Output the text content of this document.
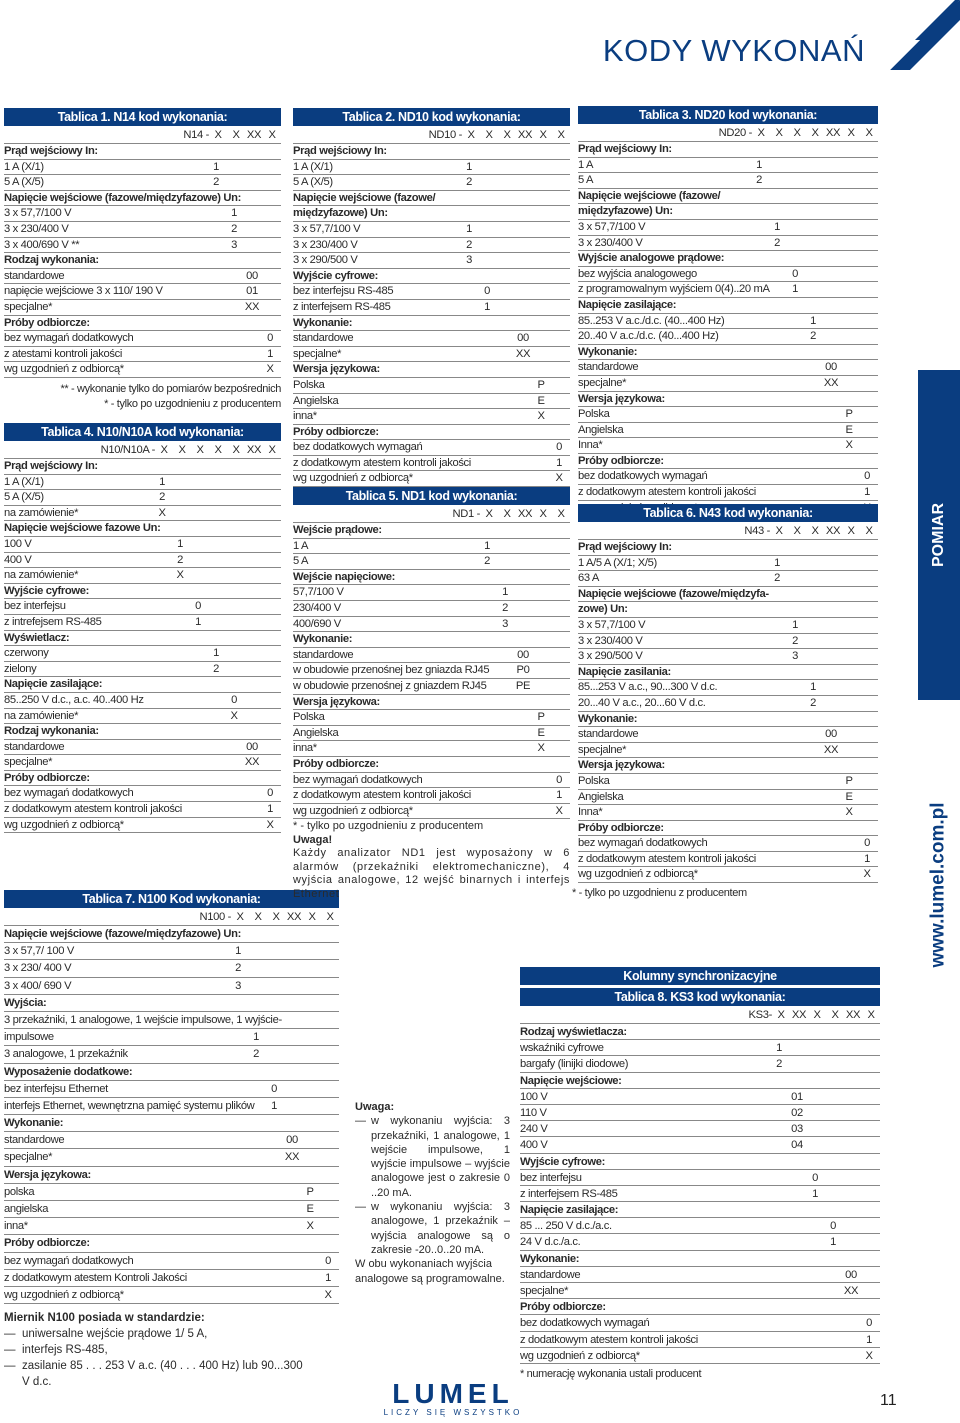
KODY WYKONAŃ
POMIAR
www.lumel.com.pl
Tablica 1. N14 kod wykonania:
N14 - X X XX X
Prąd wejściowy In:
1 A (X/1)	1
5 A (X/5)	2
Napięcie wejściowe (fazowe/międzyfazowe) Un:
3 x 57,7/100 V	1
3 x 230/400 V	2
3 x 400/690 V **	3
Rodzaj wykonania:
standardowe	00
napięcie wejściowe 3 x 110/ 190 V	01
specjalne*	XX
Próby odbiorcze:
bez wymagań dodatkowych	0
z atestami kontroli jakości	1
wg uzgodnień z odbiorcą*	X
** - wykonanie tylko do pomiarów bezpośrednich
* - tylko po uzgodnieniu z producentem
Tablica 4. N10/N10A kod wykonania:
N10/N10A - X X X X X XX X
Prąd wejściowy In:
1 A (X/1)	1
5 A (X/5)	2
na zamówienie*	X
Napięcie wejściowe fazowe Un:
100 V	1
400 V	2
na zamówienie*	X
Wyjście cyfrowe:
bez interfejsu	0
z intrefejsem RS-485	1
Wyświetlacz:
czerwony	1
zielony	2
Napięcie zasilające:
85..250 V d.c., a.c. 40..400 Hz	0
na zamówienie*	X
Rodzaj wykonania:
standardowe	00
specjalne*	XX
Próby odbiorcze:
bez wymagań dodatkowych	0
z dodatkowym atestem kontroli jakości	1
wg uzgodnień z odbiorcą*	X
Tablica 2. ND10 kod wykonania:
ND10 - X X X XX X X
Prąd wejściowy In:
1 A (X/1)	1
5 A (X/5)	2
Napięcie wejściowe (fazowe/
międzyfazowe) Un:
3 x 57,7/100 V	1
3 x 230/400 V	2
3 x 290/500 V	3
Wyjście cyfrowe:
bez interfejsu RS-485	0
z interfejsem RS-485	1
Wykonanie:
standardowe	00
specjalne*	XX
Wersja językowa:
Polska	P
Angielska	E
inna*	X
Próby odbiorcze:
bez dodatkowych wymagań	0
z dodatkowym atestem kontroli jakości	1
wg uzgodnień z odbiorcą*	X
Tablica 5. ND1 kod wykonania:
ND1 - X X XX X X
Wejście prądowe:
1 A	1
5 A	2
Wejście napięciowe:
57,7/100 V	1
230/400 V	2
400/690 V	3
Wykonanie:
standardowe	00
w obudowie przenośnej bez gniazda RJ45 P0
w obudowie przenośnej z gniazdem RJ45	PE
Wersja językowa:
Polska	P
Angielska	E
inna*	X
Próby odbiorcze:
bez wymagań dodatkowych	0
z dodatkowym atestem kontroli jakości	1
wg uzgodnień z odbiorcą*	X
Tablica 3. ND20 kod wykonania:
ND20 - X X X X XX X X
Prąd wejściowy In:
1 A	1
5 A	2
Napięcie wejściowe (fazowe/
międzyfazowe) Un:
3 x 57,7/100 V	1
3 x 230/400 V	2
Wyjście analogowe prądowe:
bez wyjścia analogowego	0
z programowalnym wyjściem 0(4)..20 mA	1
Napięcie zasilające:
85..253 V a.c./d.c. (40...400 Hz)	1
20..40 V a.c./d.c. (40...400 Hz)	2
Wykonanie:
standardowe	00
specjalne*	XX
Wersja językowa:
Polska	P
Angielska	E
Inna*	X
Próby odbiorcze:
bez dodatkowych wymagań	0
z dodatkowym atestem kontroli jakości	1
Tablica 6. N43 kod wykonania:
N43 - X X X XX X X
Prąd wejściowy In:
1 A/5 A (X/1; X/5)	1
63 A	2
Napięcie wejściowe (fazowe/międzyfa-
zowe) Un:
3 x 57,7/100 V	1
3 x 230/400 V	2
3 x 290/500 V	3
Napięcie zasilania:
85...253 V a.c., 90...300 V d.c.	1
20...40 V a.c., 20...60 V d.c.	2
Wykonanie:
standardowe	00
specjalne*	XX
Wersja językowa:
Polska	P
Angielska	E
Inna*	X
Próby odbiorcze:
bez wymagań dodatkowych	0
z dodatkowym atestem kontroli jakości	1
wg uzgodnień z odbiorcą*	X
* - tylko po uzgodnienu z producentem
Tablica 7. N100 Kod wykonania:
N100 - X X X XX X X
Napięcie wejściowe (fazowe/międzyfazowe) Un:
3 x 57,7/ 100 V	1
3 x 230/ 400 V	2
3 x 400/ 690 V	3
Wyjścia:
3 przekaźniki, 1 analogowe, 1 wejście impulsowe, 1 wyjście-
impulsowe	1
3 analogowe, 1 przekaźnik	2
Wyposażenie dodatkowe:
bez interfejsu Ethernet	0
interfejs Ethernet, wewnętrzna pamięć systemu plików	1
Wykonanie:
standardowe	00
specjalne*	XX
Wersja językowa:
polska	P
angielska	E
inna*	X
Próby odbiorcze:
bez wymagań dodatkowych	0
z dodatkowym atestem Kontroli Jakości	1
wg uzgodnień z odbiorcą*	X
Kolumny synchronizacyjne
Tablica 8. KS3 kod wykonania:
KS3- X XX X X XX X
Rodzaj wyświetlacza:
wskaźniki cyfrowe	1
bargafy (linijki diodowe)	2
Napięcie wejściowe:
100 V	01
110 V	02
240 V	03
400 V	04
Wyjście cyfrowe:
bez interfejsu	0
z interfejsem RS-485	1
Napięcie zasilające:
85 ... 250 V d.c./a.c.	0
24 V d.c./a.c.	1
Wykonanie:
standardowe	00
specjalne*	XX
Próby odbiorcze:
bez dodatkowych wymagań	0
z dodatkowym atestem kontroli jakości	1
wg uzgodnień z odbiorcą*	X
* numerację wykonania ustali producent
* - tylko po uzgodnieniu z producentem
Uwaga!
Każdy analizator ND1 jest wyposażony w 6 alarmów (przekaźniki elektromechaniczne), 4 wyjścia analogowe, 12 wejść binarnych i interfejs Ethernet
Uwaga:
— w wykonaniu wyjścia: 3 przekaźniki, 1 analogowe, 1 wejście impulsowe, 1 wyjście impulsowe – wyjście analogowe jest o zakresie 0 ..20 mA.
— w wykonaniu wyjścia: 3 analogowe, 1 przekaźnik – wyjścia analogowe są o zakresie -20..0..20 mA.
W obu wykonaniach wyjścia analogowe są programowalne.
Miernik N100 posiada w standardzie:
— uniwersalne wejście prądowe 1/ 5 A,
— interfejs RS-485,
— zasilanie 85 . . . 253 V a.c. (40 . . . 400 Hz) lub 90...300 V d.c.	LUMEL
LICZY SIĘ WSZYSTKO
11
